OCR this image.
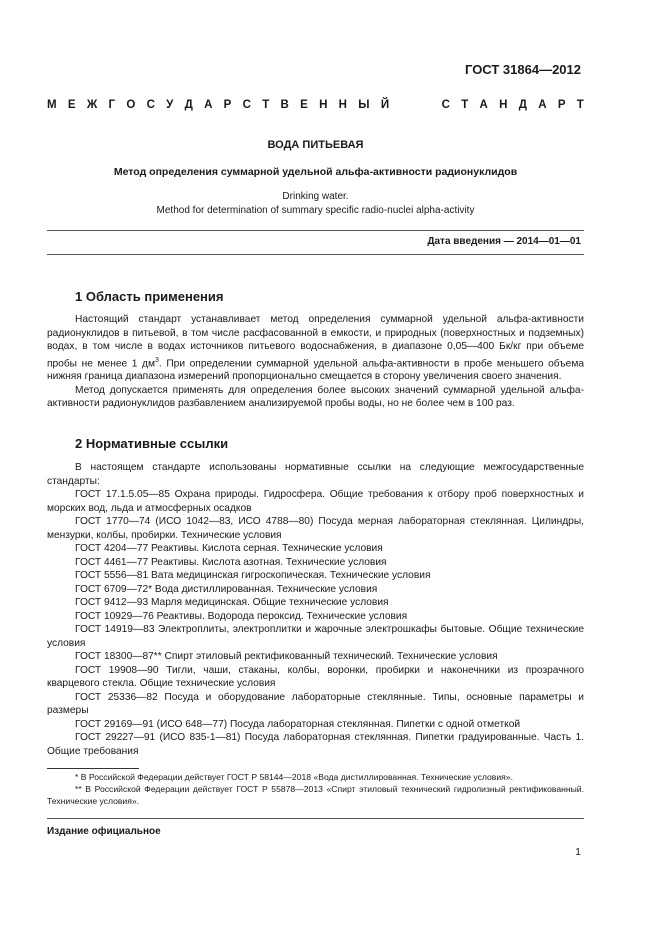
ГОСТ 31864—2012
М Е Ж Г О С У Д А Р С Т В Е Н Н Ы Й	С Т А Н Д А Р Т
ВОДА ПИТЬЕВАЯ
Метод определения суммарной удельной альфа-активности радионуклидов
Drinking water.
Method for determination of summary specific radio-nuclei alpha-activity
Дата введения — 2014—01—01
1 Область применения

Настоящий стандарт устанавливает метод определения суммарной удельной альфа-активности радионуклидов в питьевой, в том числе расфасованной в емкости, и природных (поверхностных и подземных) водах, в том числе в водах источников питьевого водоснабжения, в диапазоне 0,05—400 Бк/кг при объеме пробы не менее 1 $дм^3$. При определении суммарной удельной альфа-активности в пробе меньшего объема нижняя граница диапазона измерений пропорционально смещается в сторону увеличения своего значения.

Метод допускается применять для определения более высоких значений суммарной удельной альфа-активности радионуклидов разбавлением анализируемой пробы воды, но не более чем в 100 раз.

2 Нормативные ссылки

В настоящем стандарте использованы нормативные ссылки на следующие межгосударственные стандарты:

ГОСТ 17.1.5.05—85 Охрана природы. Гидросфера. Общие требования к отбору проб поверхностных и морских вод, льда и атмосферных осадков

ГОСТ 1770—74 (ИСО 1042—83, ИСО 4788—80) Посуда мерная лабораторная стеклянная. Цилиндры, мензурки, колбы, пробирки. Технические условия

ГОСТ 4204—77 Реактивы. Кислота серная. Технические условия

ГОСТ 4461—77 Реактивы. Кислота азотная. Технические условия

ГОСТ 5556—81 Вата медицинская гигроскопическая. Технические условия

ГОСТ 6709—72* Вода дистиллированная. Технические условия

ГОСТ 9412—93 Марля медицинская. Общие технические условия

ГОСТ 10929—76 Реактивы. Водорода пероксид. Технические условия

ГОСТ 14919—83 Электроплиты, электроплитки и жарочные электрошкафы бытовые. Общие технические условия

ГОСТ 18300—87** Спирт этиловый ректификованный технический. Технические условия

ГОСТ 19908—90 Тигли, чаши, стаканы, колбы, воронки, пробирки и наконечники из прозрачного кварцевого стекла. Общие технические условия

ГОСТ 25336—82 Посуда и оборудование лабораторные стеклянные. Типы, основные параметры и размеры

ГОСТ 29169—91 (ИСО 648—77) Посуда лабораторная стеклянная. Пипетки с одной отметкой

ГОСТ 29227—91 (ИСО 835-1—81) Посуда лабораторная стеклянная. Пипетки градуированные. Часть 1. Общие требования

* В Российской Федерации действует ГОСТ Р 58144—2018 «Вода дистиллированная. Технические условия».

** В Российской Федерации действует ГОСТ Р 55878—2013 «Спирт этиловый технический гидролизный ректификованный. Технические условия».

Издание официальное
1
